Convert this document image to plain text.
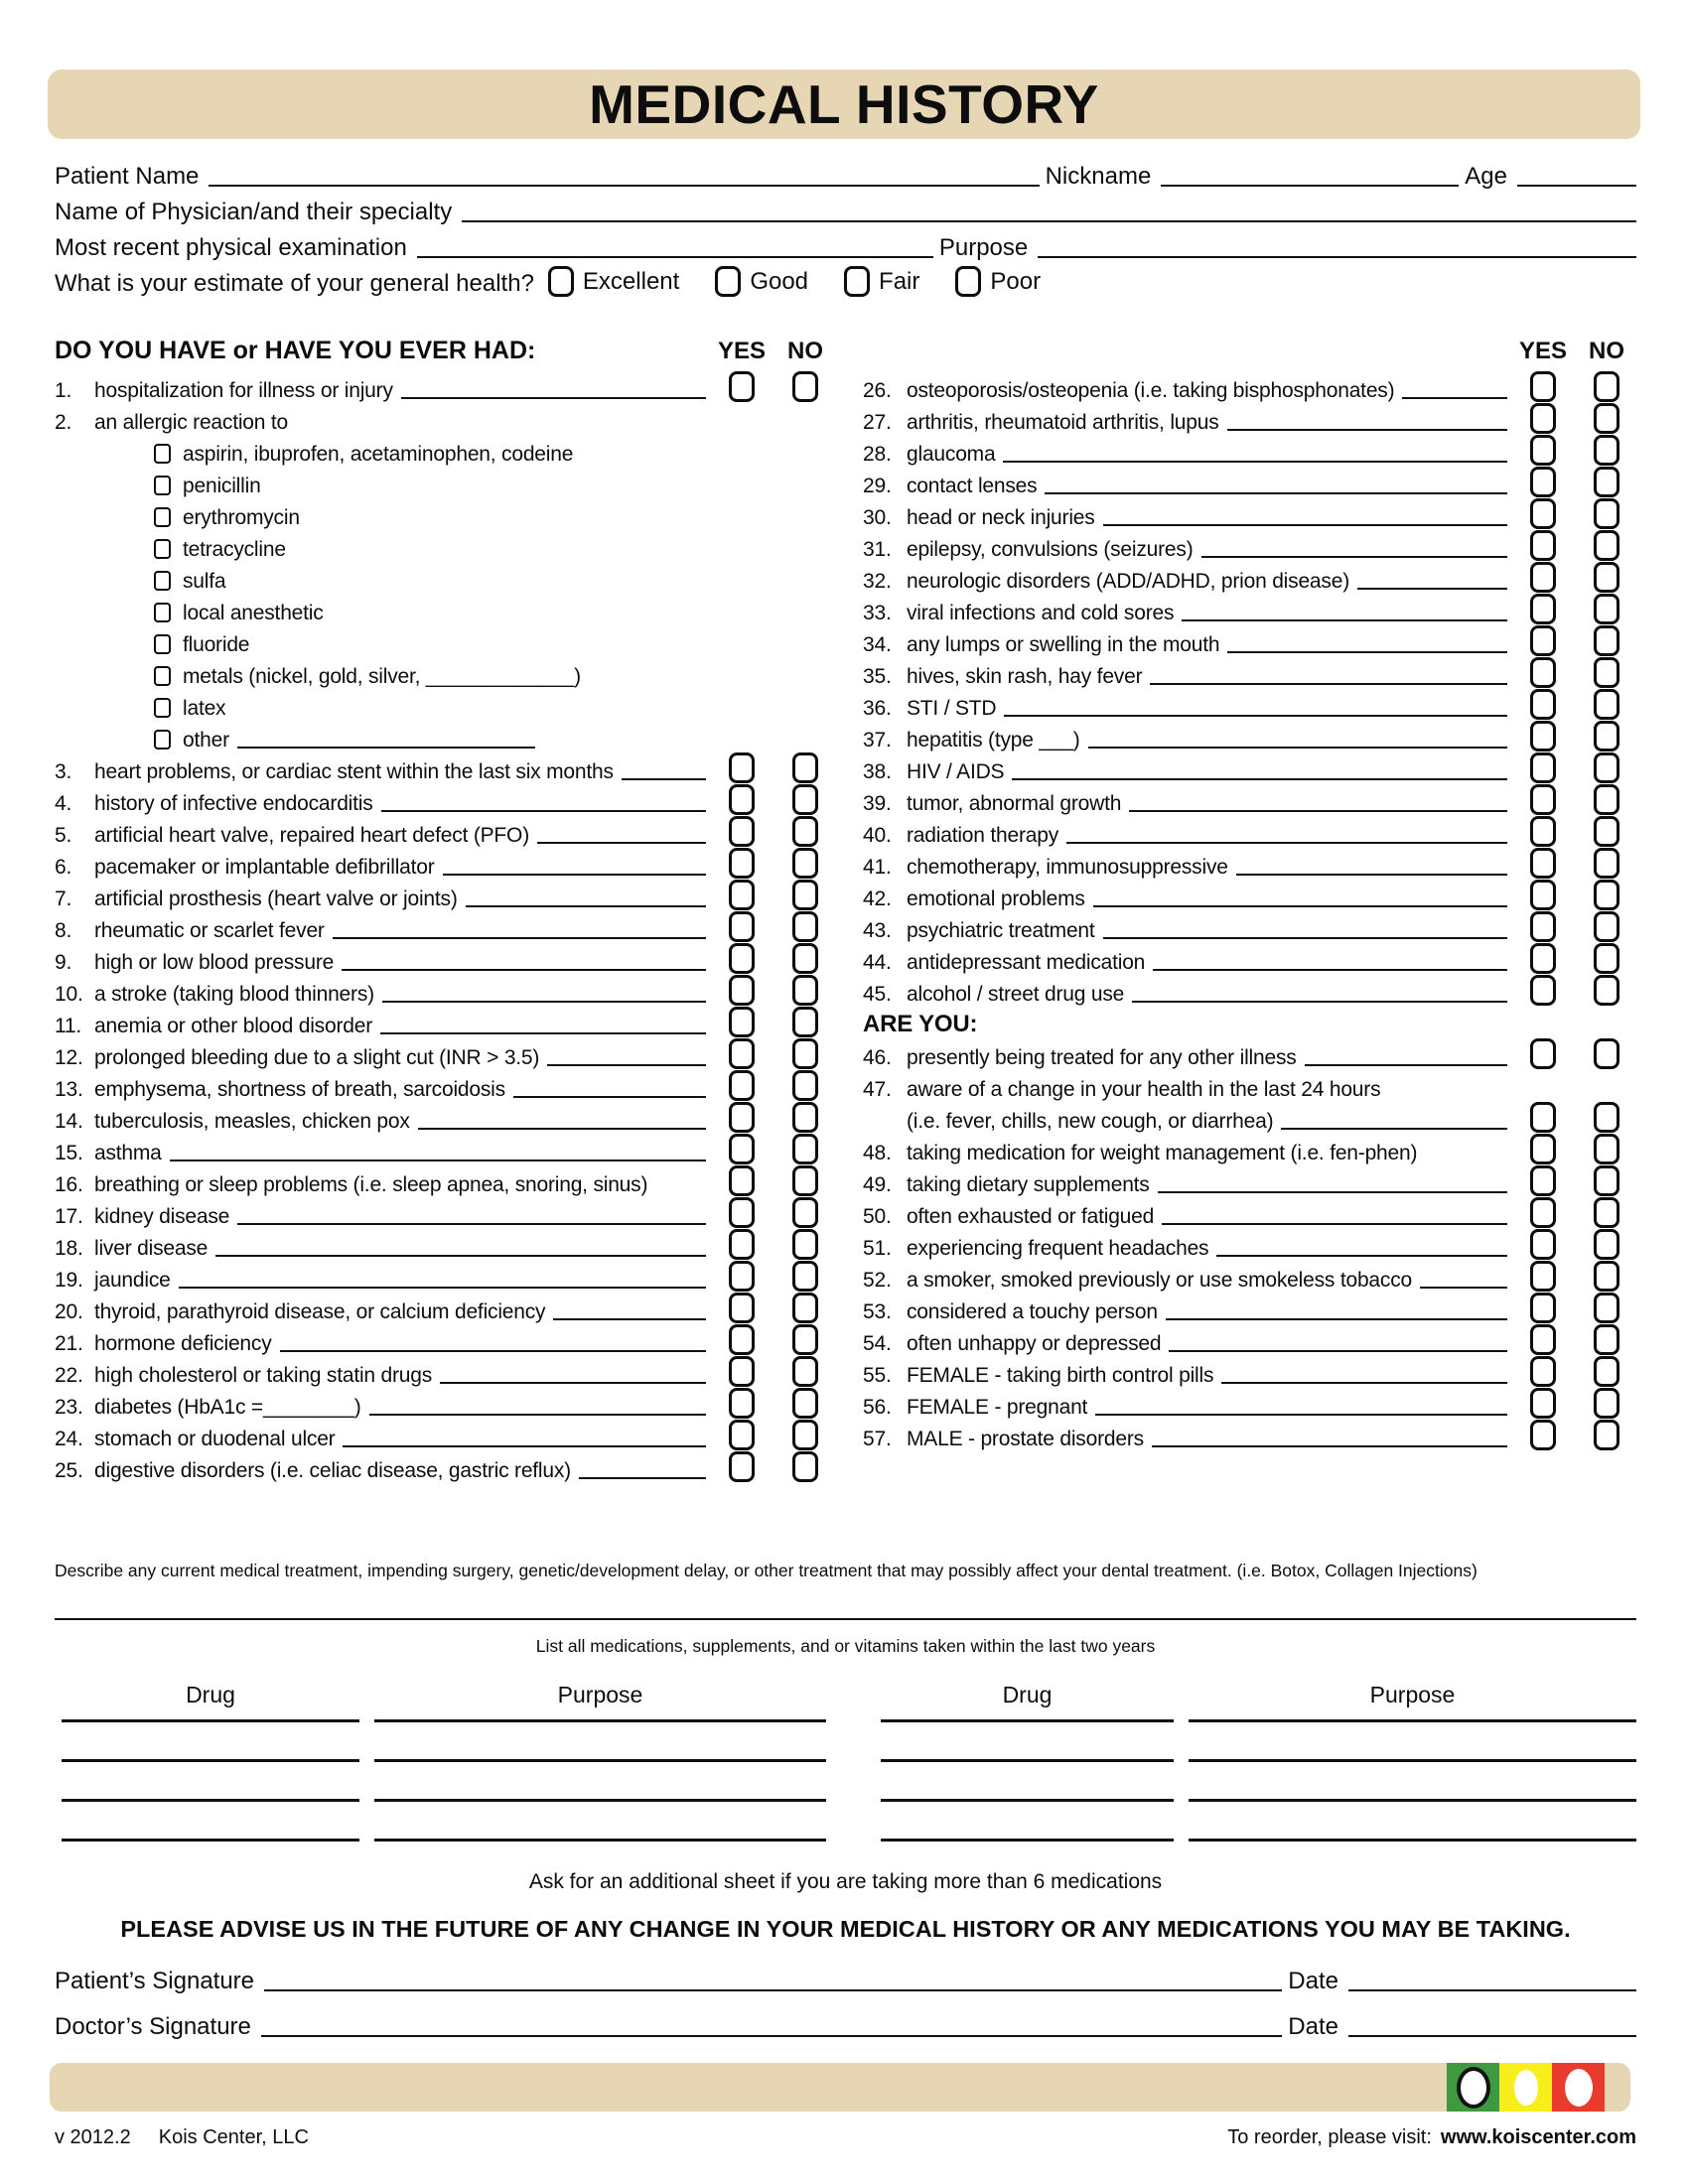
MEDICAL HISTORY
Patient Name	Nickname	Age
Name of Physician/and their specialty
Most recent physical examination	Purpose
What is your estimate of your general health? Excellent	Good	Fair	Poor
DO YOU HAVE or HAVE YOU EVER HAD:	YES NO
1.	hospitalization for illness or injury
2.	an allergic reaction to
aspirin, ibuprofen, acetaminophen, codeine
penicillin
erythromycin
tetracycline
sulfa
local anesthetic
fluoride
metals (nickel, gold, silver, _____________)
latex
other
3.	heart problems, or cardiac stent within the last six months
4.	history of infective endocarditis
5.	artificial heart valve, repaired heart defect (PFO)
6.	pacemaker or implantable defibrillator
7.	artificial prosthesis (heart valve or joints)
8.	rheumatic or scarlet fever
9.	high or low blood pressure
10. a stroke (taking blood thinners)
11. anemia or other blood disorder
12. prolonged bleeding due to a slight cut (INR > 3.5)
13. emphysema, shortness of breath, sarcoidosis
14. tuberculosis, measles, chicken pox
15. asthma
16. breathing or sleep problems (i.e. sleep apnea, snoring, sinus)
17. kidney disease
18. liver disease
19. jaundice
20. thyroid, parathyroid disease, or calcium deficiency
21. hormone deficiency
22. high cholesterol or taking statin drugs
23. diabetes (HbA1c =________)
24. stomach or duodenal ulcer
25. digestive disorders (i.e. celiac disease, gastric reflux)
YES NO
26. osteoporosis/osteopenia (i.e. taking bisphosphonates)
27. arthritis, rheumatoid arthritis, lupus
28. glaucoma
29. contact lenses
30. head or neck injuries
31. epilepsy, convulsions (seizures)
32. neurologic disorders (ADD/ADHD, prion disease)
33. viral infections and cold sores
34. any lumps or swelling in the mouth
35. hives, skin rash, hay fever
36. STI / STD
37. hepatitis (type ___)
38. HIV / AIDS
39. tumor, abnormal growth
40. radiation therapy
41. chemotherapy, immunosuppressive
42. emotional problems
43. psychiatric treatment
44. antidepressant medication
45. alcohol / street drug use
ARE YOU:
46. presently being treated for any other illness
47. aware of a change in your health in the last 24 hours
(i.e. fever, chills, new cough, or diarrhea)
48. taking medication for weight management (i.e. fen-phen)
49. taking dietary supplements
50. often exhausted or fatigued
51. experiencing frequent headaches
52. a smoker, smoked previously or use smokeless tobacco
53. considered a touchy person
54. often unhappy or depressed
55. FEMALE - taking birth control pills
56. FEMALE - pregnant
57. MALE - prostate disorders
Describe any current medical treatment, impending surgery, genetic/development delay, or other treatment that may possibly affect your dental treatment. (i.e. Botox, Collagen Injections)
List all medications, supplements, and or vitamins taken within the last two years
Drug	Purpose	Drug	Purpose
Ask for an additional sheet if you are taking more than 6 medications
PLEASE ADVISE US IN THE FUTURE OF ANY CHANGE IN YOUR MEDICAL HISTORY OR ANY MEDICATIONS YOU MAY BE TAKING.
Patient’s Signature	Date
Doctor’s Signature	Date
v 2012.2 Kois Center, LLC	To reorder, please visit: www.koiscenter.com
